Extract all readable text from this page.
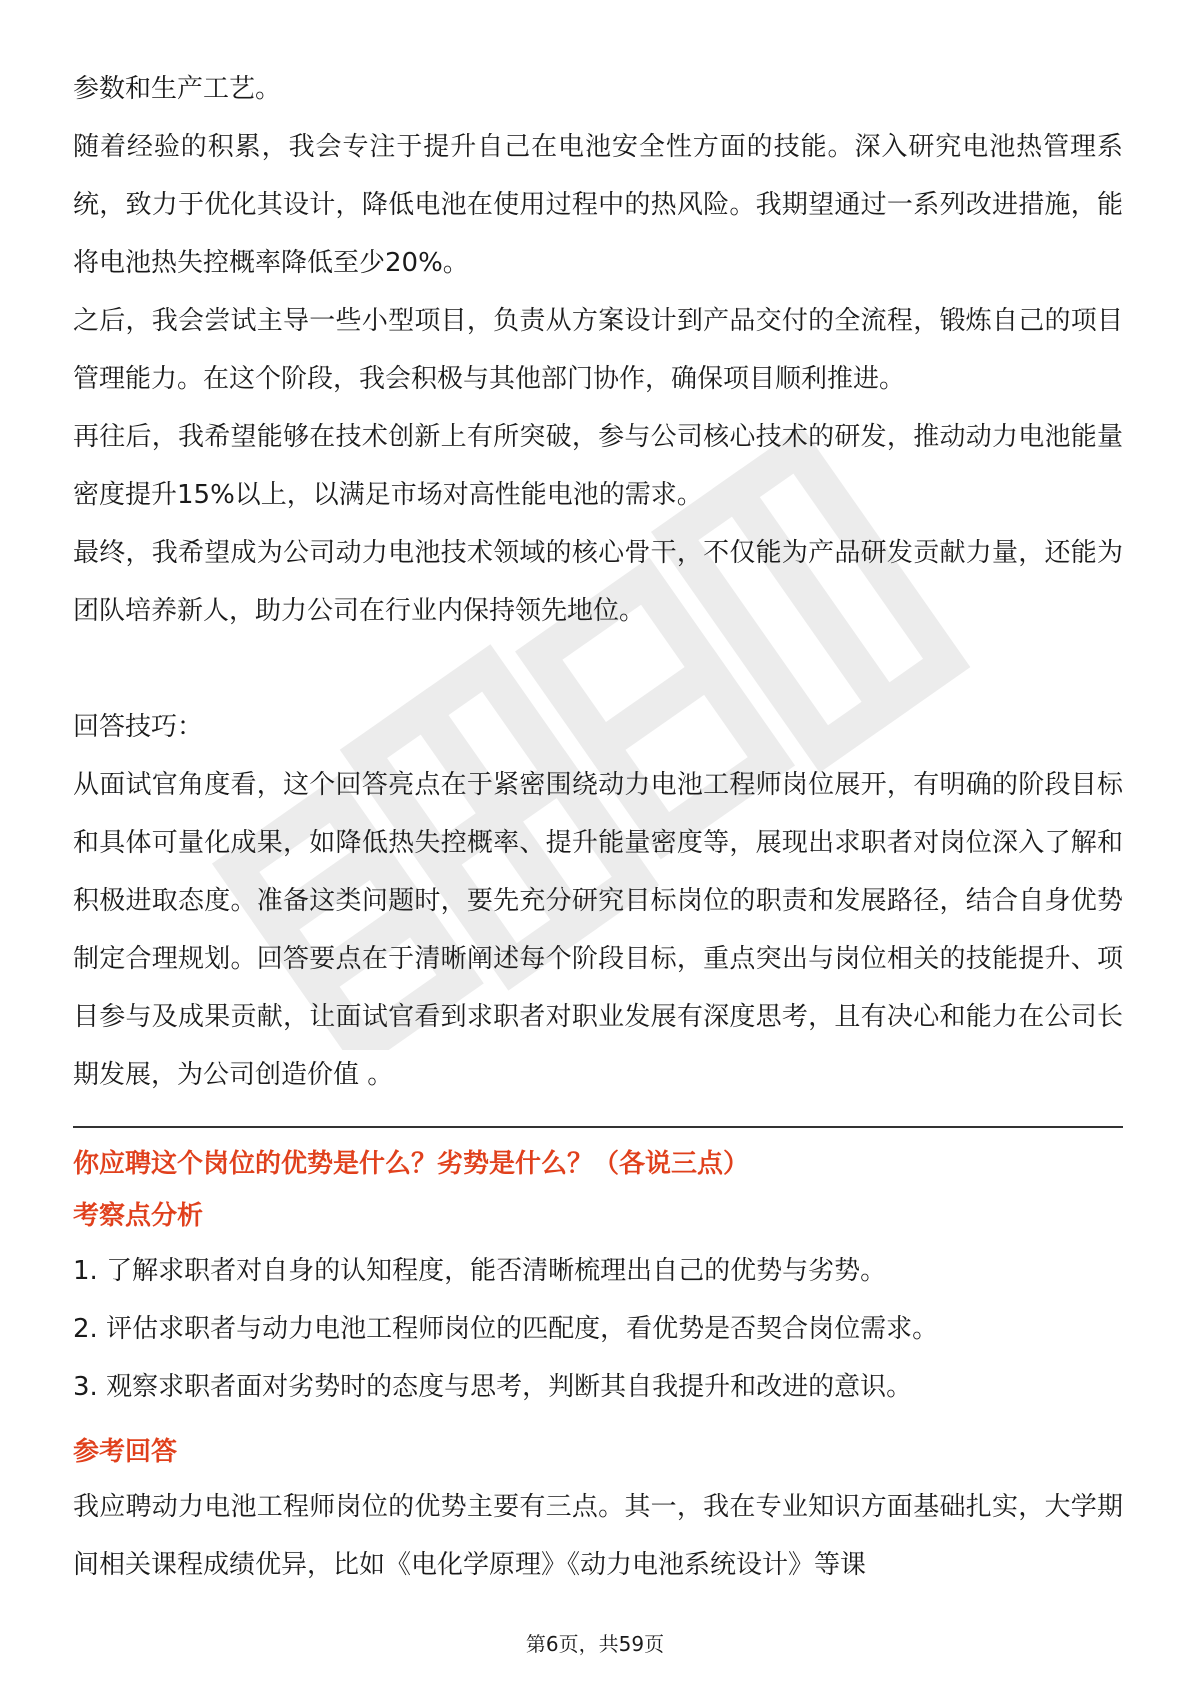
参数和生产工艺。

随着经验的积累，我会专注于提升自己在电池安全性方面的技能。深入研究电池热管理系统，致力于优化其设计，降低电池在使用过程中的热风险。我期望通过一系列改进措施，能将电池热失控概率降低至少20%。

之后，我会尝试主导一些小型项目，负责从方案设计到产品交付的全流程，锻炼自己的项目管理能力。在这个阶段，我会积极与其他部门协作，确保项目顺利推进。

再往后，我希望能够在技术创新上有所突破，参与公司核心技术的研发，推动动力电池能量密度提升15%以上，以满足市场对高性能电池的需求。

最终，我希望成为公司动力电池技术领域的核心骨干，不仅能为产品研发贡献力量，还能为团队培养新人，助力公司在行业内保持领先地位。

回答技巧：

从面试官角度看，这个回答亮点在于紧密围绕动力电池工程师岗位展开，有明确的阶段目标和具体可量化成果，如降低热失控概率、提升能量密度等，展现出求职者对岗位深入了解和积极进取态度。准备这类问题时，要先充分研究目标岗位的职责和发展路径，结合自身优势制定合理规划。回答要点在于清晰阐述每个阶段目标，重点突出与岗位相关的技能提升、项目参与及成果贡献，让面试官看到求职者对职业发展有深度思考，且有决心和能力在公司长期发展，为公司创造价值 。

你应聘这个岗位的优势是什么？劣势是什么？（各说三点）

考察点分析

1. 了解求职者对自身的认知程度，能否清晰梳理出自己的优势与劣势。

2. 评估求职者与动力电池工程师岗位的匹配度，看优势是否契合岗位需求。

3. 观察求职者面对劣势时的态度与思考，判断其自我提升和改进的意识。

参考回答

我应聘动力电池工程师岗位的优势主要有三点。其一，我在专业知识方面基础扎实，大学期间相关课程成绩优异，比如《电化学原理》《动力电池系统设计》等课

第6页，共59页
